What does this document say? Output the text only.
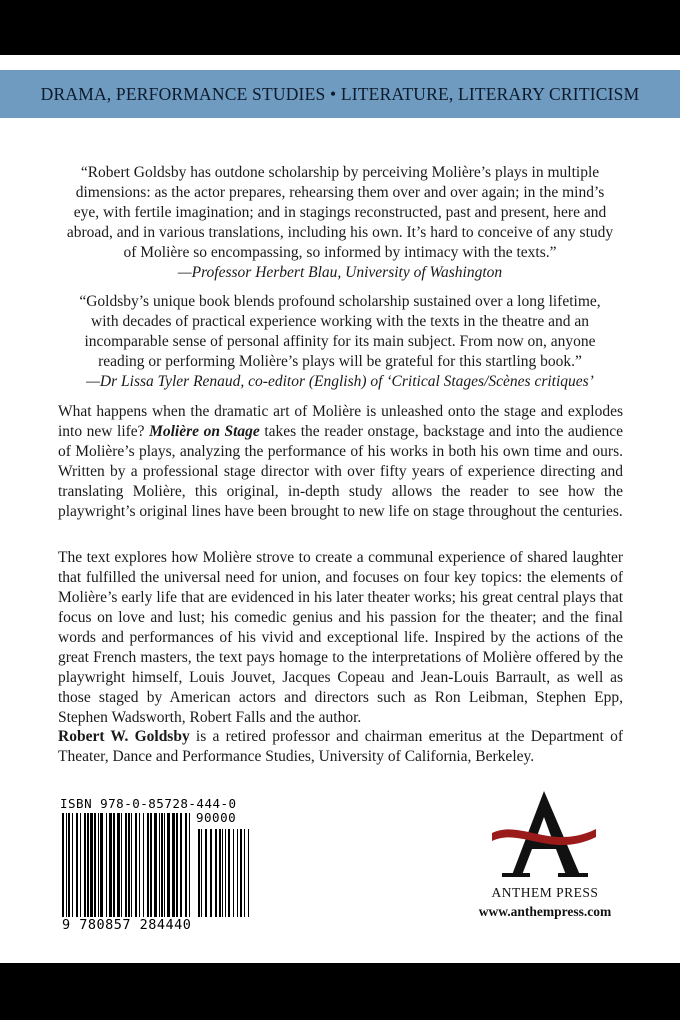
DRAMA, PERFORMANCE STUDIES • LITERATURE, LITERARY CRITICISM
“Robert Goldsby has outdone scholarship by perceiving Molière’s plays in multiple dimensions: as the actor prepares, rehearsing them over and over again; in the mind’s eye, with fertile imagination; and in stagings reconstructed, past and present, here and abroad, and in various translations, including his own. It’s hard to conceive of any study of Molière so encompassing, so informed by intimacy with the texts.”
—Professor Herbert Blau, University of Washington
“Goldsby’s unique book blends profound scholarship sustained over a long lifetime, with decades of practical experience working with the texts in the theatre and an incomparable sense of personal affinity for its main subject. From now on, anyone reading or performing Molière’s plays will be grateful for this startling book.”
—Dr Lissa Tyler Renaud, co-editor (English) of ‘Critical Stages/Scènes critiques’
What happens when the dramatic art of Molière is unleashed onto the stage and explodes into new life? Molière on Stage takes the reader onstage, backstage and into the audience of Molière’s plays, analyzing the performance of his works in both his own time and ours. Written by a professional stage director with over fifty years of experience directing and translating Molière, this original, in-depth study allows the reader to see how the playwright’s original lines have been brought to new life on stage throughout the centuries.
The text explores how Molière strove to create a communal experience of shared laughter that fulfilled the universal need for union, and focuses on four key topics: the elements of Molière’s early life that are evidenced in his later theater works; his great central plays that focus on love and lust; his comedic genius and his passion for the theater; and the final words and performances of his vivid and exceptional life. Inspired by the actions of the great French masters, the text pays homage to the interpretations of Molière offered by the playwright himself, Louis Jouvet, Jacques Copeau and Jean-Louis Barrault, as well as those staged by American actors and directors such as Ron Leibman, Stephen Epp, Stephen Wadsworth, Robert Falls and the author.
Robert W. Goldsby is a retired professor and chairman emeritus at the Department of Theater, Dance and Performance Studies, University of California, Berkeley.
ISBN 978-0-85728-444-0
90000
9 780857 284440
ANTHEM PRESS
www.anthempress.com
